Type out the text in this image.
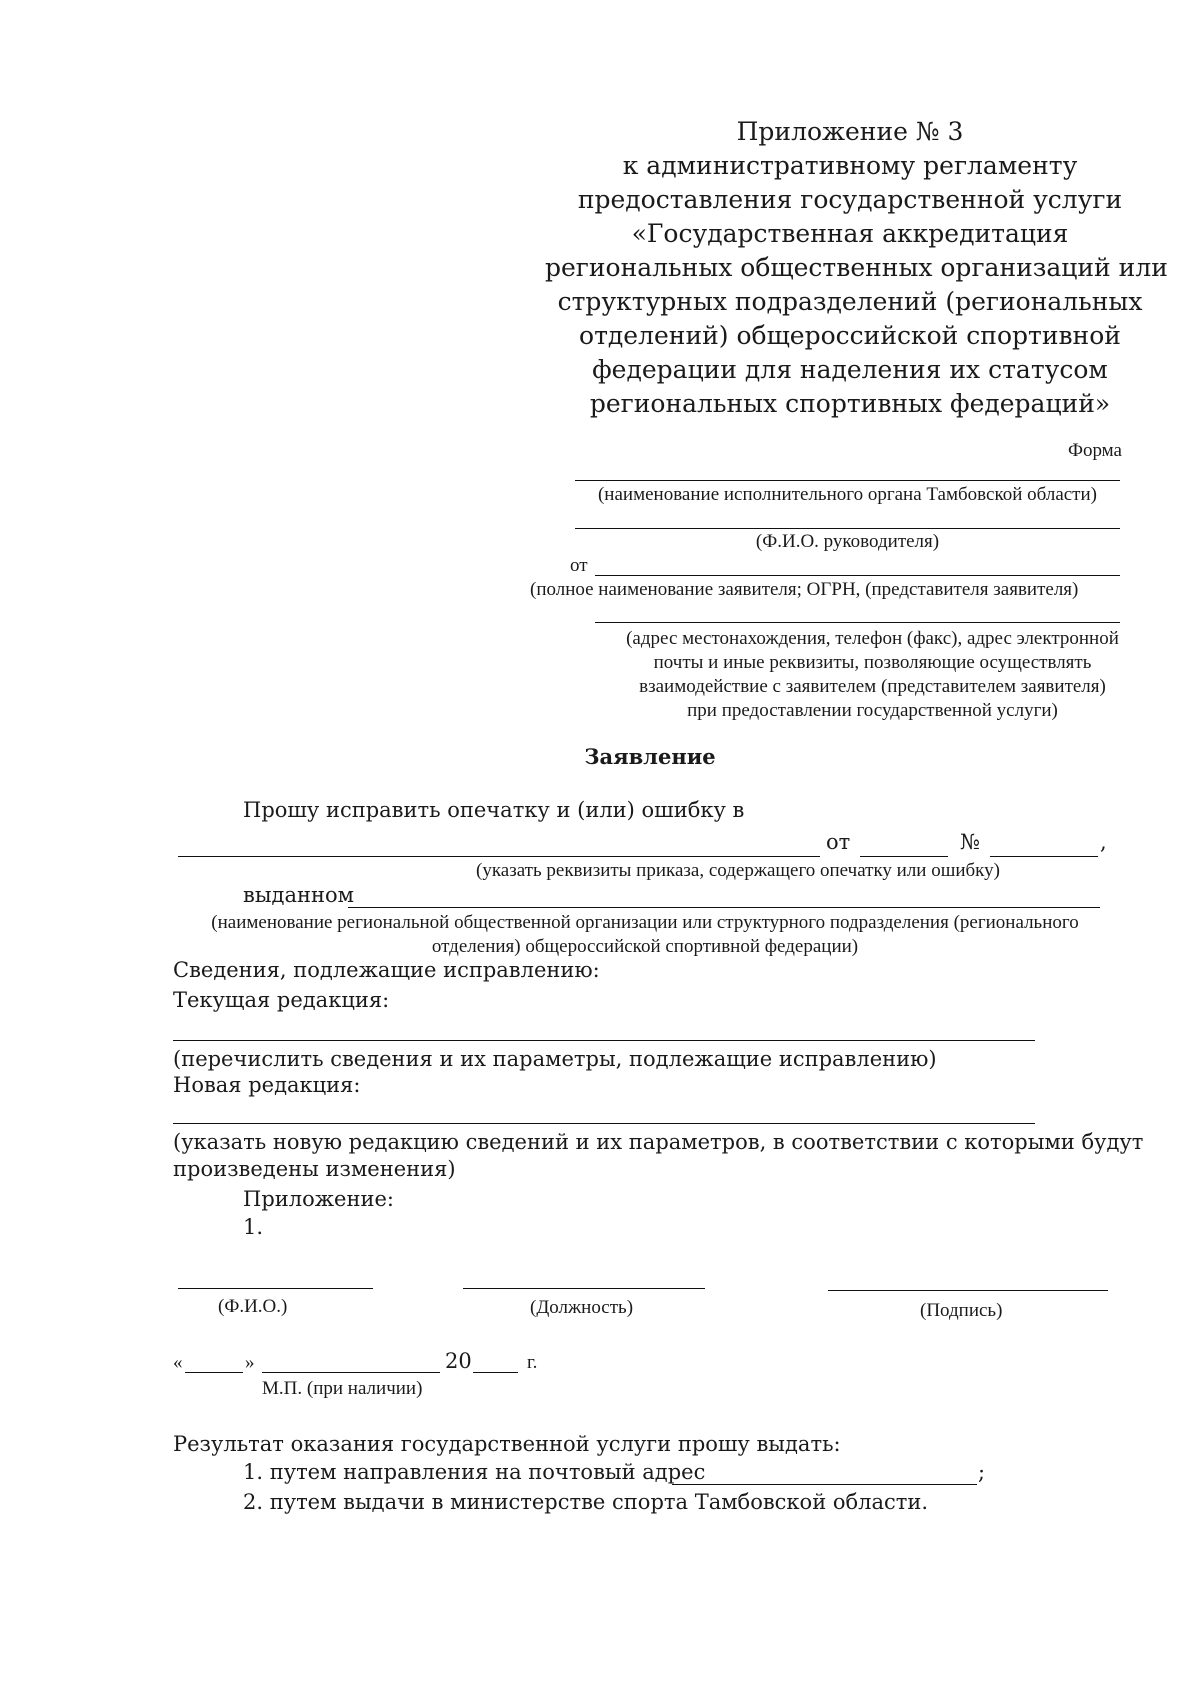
Приложение № 3
к административному регламенту
предоставления государственной услуги
«Государственная аккредитация
региональных общественных организаций или
структурных подразделений (региональных
отделений) общероссийской спортивной
федерации для наделения их статусом
региональных спортивных федераций»
Форма
(наименование исполнительного органа Тамбовской области)
(Ф.И.О. руководителя)
от
(полное наименование заявителя; ОГРН, (представителя заявителя)
(адрес местонахождения, телефон (факс), адрес электронной
почты и иные реквизиты, позволяющие осуществлять
взаимодействие с заявителем (представителем заявителя)
при предоставлении государственной услуги)
Заявление
Прошу исправить опечатку и (или) ошибку в
от	№	,
(указать реквизиты приказа, содержащего опечатку или ошибку)
выданном
(наименование региональной общественной организации или структурного подразделения (регионального
отделения) общероссийской спортивной федерации)
Сведения, подлежащие исправлению:
Текущая редакция:
(перечислить сведения и их параметры, подлежащие исправлению)
Новая редакция:
(указать новую редакцию сведений и их параметров, в соответствии с которыми будут
произведены изменения)
Приложение:
1.
(Ф.И.О.)	(Должность)	(Подпись)
«	»	20	г.
М.П. (при наличии)
Результат оказания государственной услуги прошу выдать:
1. путем направления на почтовый адрес	;
2. путем выдачи в министерстве спорта Тамбовской области.
